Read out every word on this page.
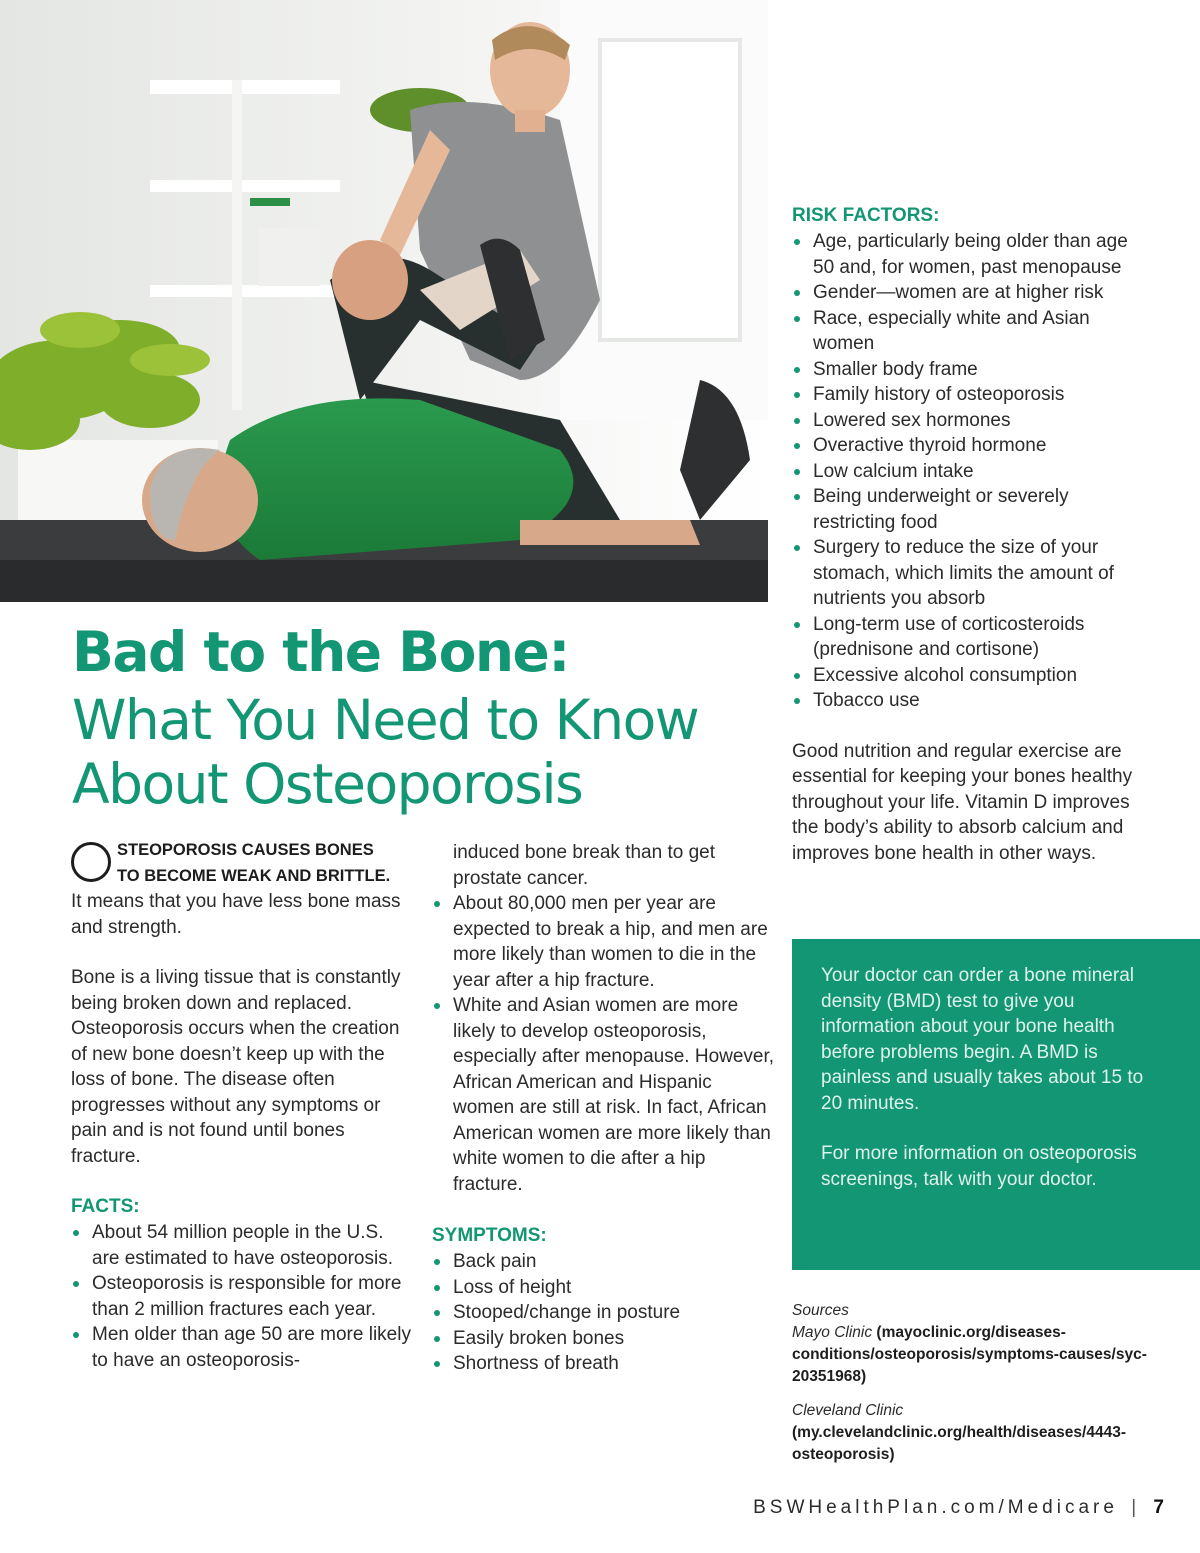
Bad to the Bone:
What You Need to Know
About Osteoporosis
STEOPOROSIS CAUSES BONES
TO BECOME WEAK AND BRITTLE.

It means that you have less bone mass and strength.

Bone is a living tissue that is constantly being broken down and replaced. Osteoporosis occurs when the creation of new bone doesn’t keep up with the loss of bone. The disease often progresses without any symptoms or pain and is not found until bones fracture.

FACTS:
About 54 million people in the U.S. are estimated to have osteoporosis.
Osteoporosis is responsible for more than 2 million fractures each year.
Men older than age 50 are more likely to have an osteoporosis-

induced bone break than to get prostate cancer.

About 80,000 men per year are expected to break a hip, and men are more likely than women to die in the year after a hip fracture.
White and Asian women are more likely to develop osteoporosis, especially after menopause. However, African American and Hispanic women are still at risk. In fact, African American women are more likely than white women to die after a hip fracture.
SYMPTOMS:
Back pain
Loss of height
Stooped/change in posture
Easily broken bones
Shortness of breath
RISK FACTORS:
Age, particularly being older than age 50 and, for women, past menopause
Gender—women are at higher risk
Race, especially white and Asian women
Smaller body frame
Family history of osteoporosis
Lowered sex hormones
Overactive thyroid hormone
Low calcium intake
Being underweight or severely restricting food
Surgery to reduce the size of your stomach, which limits the amount of nutrients you absorb
Long-term use of corticosteroids (prednisone and cortisone)
Excessive alcohol consumption
Tobacco use

Good nutrition and regular exercise are essential for keeping your bones healthy throughout your life. Vitamin D improves the body’s ability to absorb calcium and improves bone health in other ways.

Your doctor can order a bone mineral density (BMD) test to give you information about your bone health before problems begin. A BMD is painless and usually takes about 15 to 20 minutes.

For more information on osteoporosis screenings, talk with your doctor.

Sources
Mayo Clinic (mayoclinic.org/diseases-conditions/osteoporosis/symptoms-causes/syc-20351968)
Cleveland Clinic (my.clevelandclinic.org/health/diseases/4443-osteoporosis)
BSWHealthPlan.com/Medicare | 7
